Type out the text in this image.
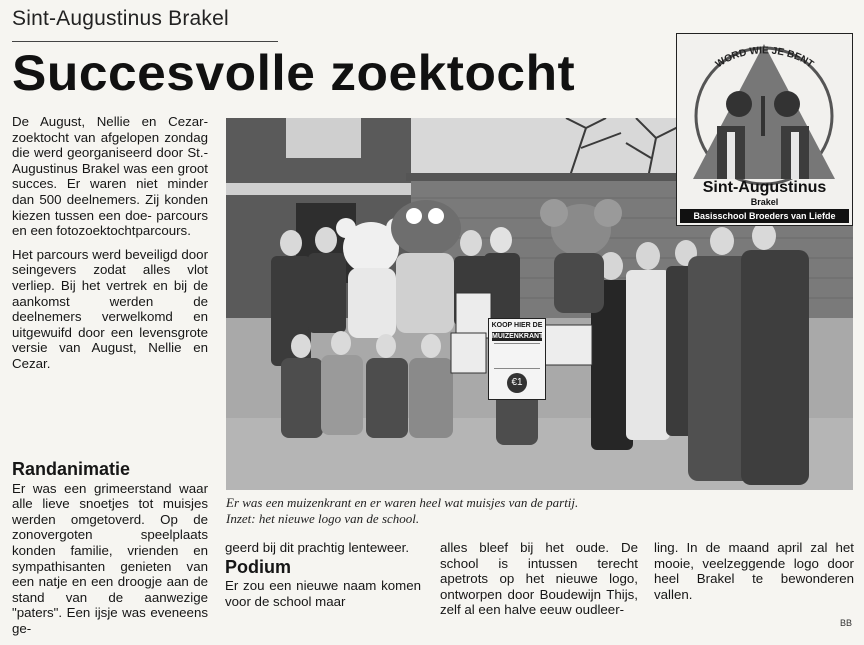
Sint-Augustinus Brakel
Succesvolle zoektocht

De August, Nellie en Cezar-zoektocht van afgelopen zondag die werd georganiseerd door St.-Augustinus Brakel was een groot succes. Er waren niet minder dan 500 deelnemers. Zij konden kiezen tussen een doe- parcours en een fotozoektochtparcours.

Het parcours werd beveiligd door seingevers zodat alles vlot verliep. Bij het vertrek en bij de aankomst werden de deelnemers verwelkomd en uitgewuifd door een levensgrote versie van August, Nellie en Cezar.

Randanimatie

Er was een grimeerstand waar alle lieve snoetjes tot muisjes werden omgetoverd. Op de zonovergoten speelplaats konden familie, vrienden en sympathisanten genieten van een natje en een droogje aan de stand van de aanwezige "paters". Een ijsje was eveneens ge-

KOOP HIER DE
MUIZENKRANT
€1
WORD WIE JE BENT
Sint-Augustinus
Brakel
Basisschool Broeders van Liefde
Er was een muizenkrant en er waren heel wat muisjes van de partij.
Inzet: het nieuwe logo van de school.

geerd bij dit prachtig lenteweer.

Podium

Er zou een nieuwe naam komen voor de school maar

alles bleef bij het oude. De school is intussen terecht apetrots op het nieuwe logo, ontworpen door Boudewijn Thijs, zelf al een halve eeuw oudleer-

ling. In de maand april zal het mooie, veelzeggende logo door heel Brakel te bewonderen vallen.

BB
